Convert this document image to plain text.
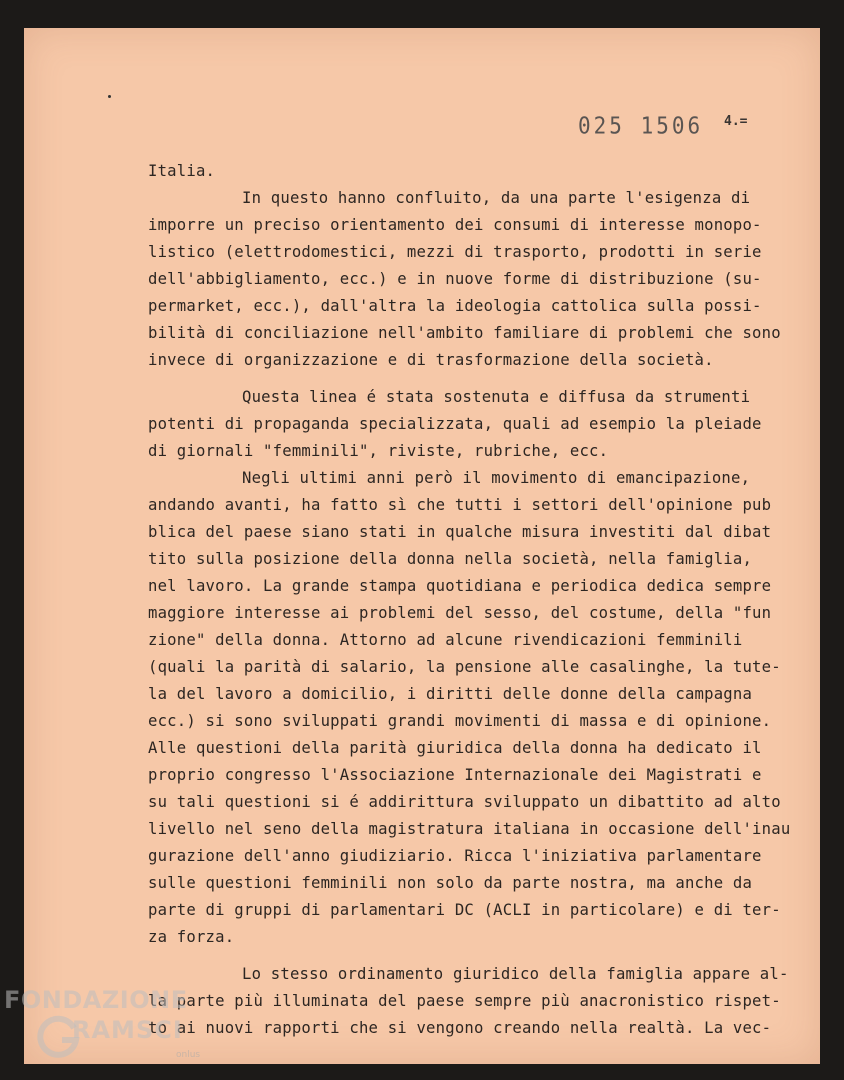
025 1506 4.=
Italia.
In questo hanno confluito, da una parte l'esigenza di
imporre un preciso orientamento dei consumi di interesse monopo-
listico (elettrodomestici, mezzi di trasporto, prodotti in serie
dell'abbigliamento, ecc.) e in nuove forme di distribuzione (su-
permarket, ecc.), dall'altra la ideologia cattolica sulla possi-
bilità di conciliazione nell'ambito familiare di problemi che sono
invece di organizzazione e di trasformazione della società.
Questa linea é stata sostenuta e diffusa da strumenti
potenti di propaganda specializzata, quali ad esempio la pleiade
di giornali "femminili", riviste, rubriche, ecc.
Negli ultimi anni però il movimento di emancipazione,
andando avanti, ha fatto sì che tutti i settori dell'opinione pub
blica del paese siano stati in qualche misura investiti dal dibat
tito sulla posizione della donna nella società, nella famiglia,
nel lavoro. La grande stampa quotidiana e periodica dedica sempre
maggiore interesse ai problemi del sesso, del costume, della "fun
zione" della donna. Attorno ad alcune rivendicazioni femminili
(quali la parità di salario, la pensione alle casalinghe, la tute-
la del lavoro a domicilio, i diritti delle donne della campagna
ecc.) si sono sviluppati grandi movimenti di massa e di opinione.
Alle questioni della parità giuridica della donna ha dedicato il
proprio congresso l'Associazione Internazionale dei Magistrati e
su tali questioni si é addirittura sviluppato un dibattito ad alto
livello nel seno della magistratura italiana in occasione dell'inau
gurazione dell'anno giudiziario. Ricca l'iniziativa parlamentare
sulle questioni femminili non solo da parte nostra, ma anche da
parte di gruppi di parlamentari DC (ACLI in particolare) e di ter-
za forza.
Lo stesso ordinamento giuridico della famiglia appare al-
la parte più illuminata del paese sempre più anacronistico rispet-
to ai nuovi rapporti che si vengono creando nella realtà. La vec-
FONDAZIONE
RAMSCI
onlus
